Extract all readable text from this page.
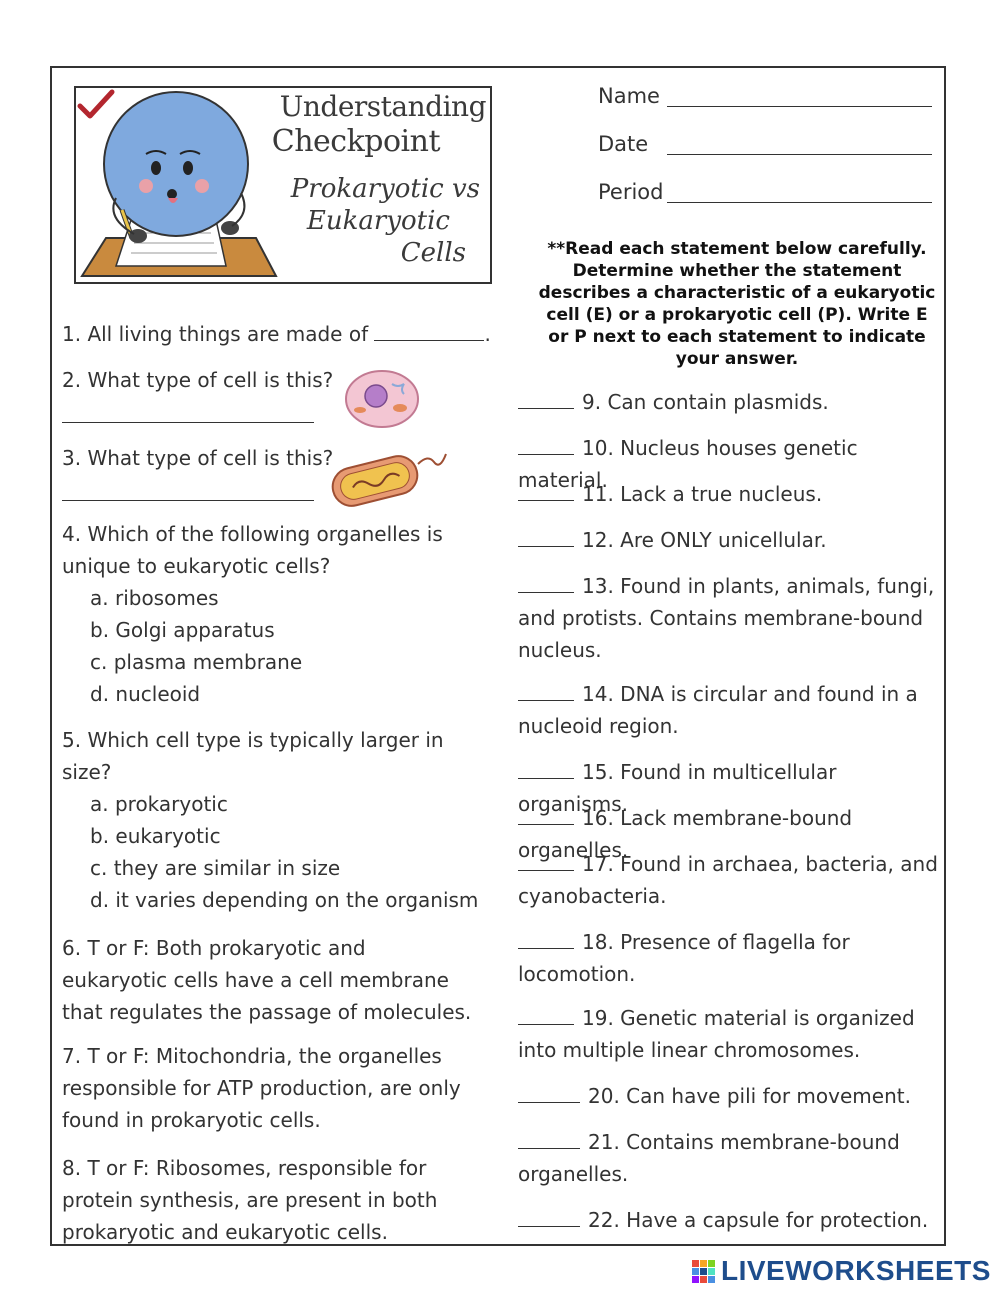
Understanding
Checkpoint
Prokaryotic vs
Eukaryotic
Cells
Name
Date
Period
**Read each statement below carefully. Determine whether the statement describes a characteristic of a eukaryotic cell (E) or a prokaryotic cell (P). Write E or P next to each statement to indicate your answer.
1. All living things are made of	.
2. What type of cell is this?
3. What type of cell is this?
4. Which of the following organelles is unique to eukaryotic cells?
a. ribosomes
b. Golgi apparatus
c. plasma membrane
d. nucleoid
5. Which cell type is typically larger in size?
a. prokaryotic
b. eukaryotic
c. they are similar in size
d. it varies depending on the organism
6. T or F: Both prokaryotic and eukaryotic cells have a cell membrane that regulates the passage of molecules.
7. T or F: Mitochondria, the organelles responsible for ATP production, are only found in prokaryotic cells.
8. T or F: Ribosomes, responsible for protein synthesis, are present in both prokaryotic and eukaryotic cells.
9. Can contain plasmids.
10. Nucleus houses genetic material.
11. Lack a true nucleus.
12. Are ONLY unicellular.
13. Found in plants, animals, fungi, and protists. Contains membrane-bound nucleus.
14. DNA is circular and found in a nucleoid region.
15. Found in multicellular organisms.
16. Lack membrane-bound organelles.
17. Found in archaea, bacteria, and cyanobacteria.
18. Presence of flagella for locomotion.
19. Genetic material is organized into multiple linear chromosomes.
20. Can have pili for movement.
21. Contains membrane-bound organelles.
22. Have a capsule for protection.
LIVEWORKSHEETS
